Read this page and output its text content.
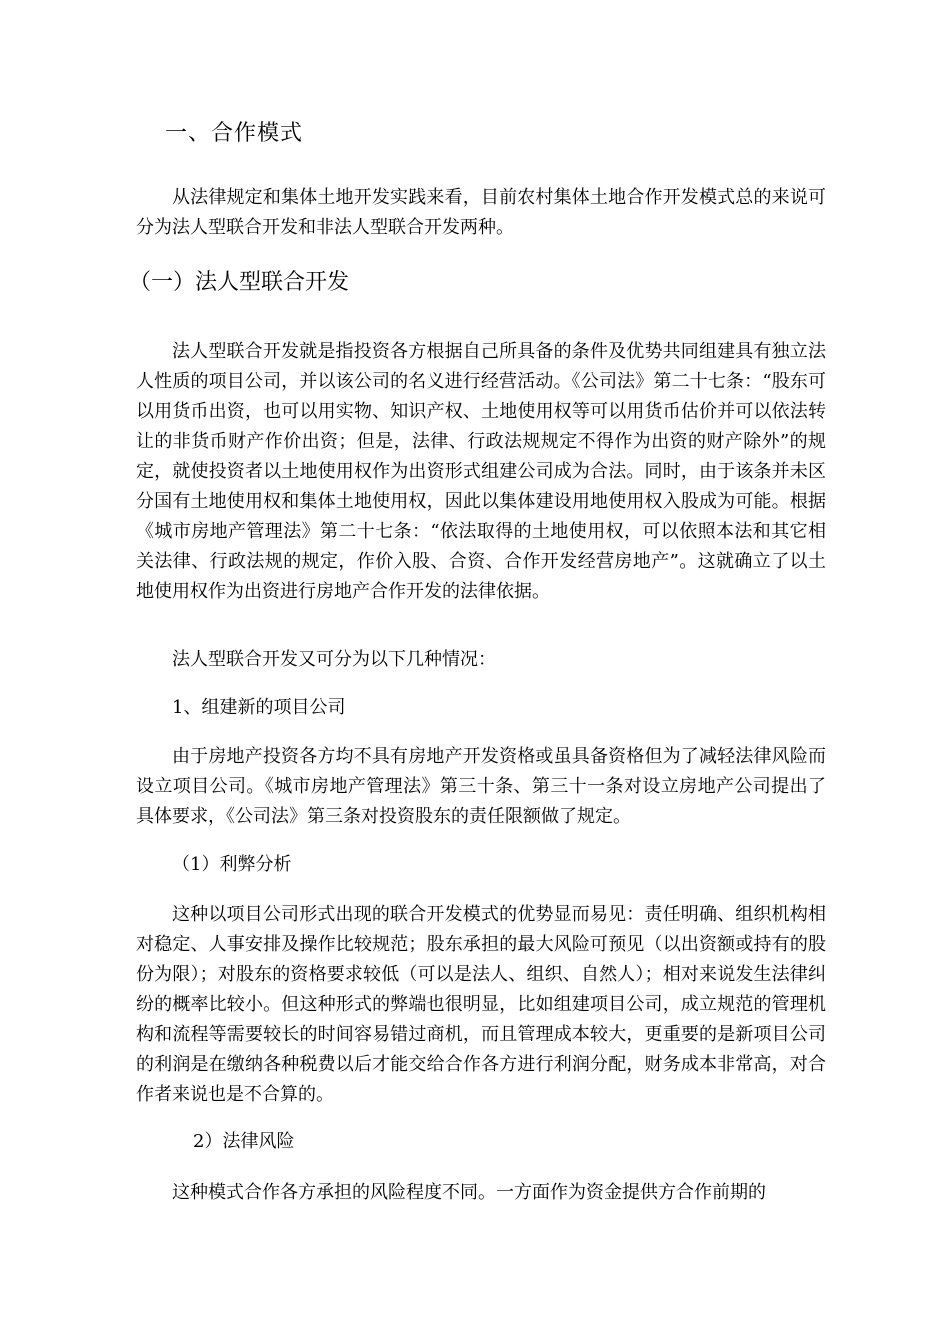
一、合作模式

从法律规定和集体土地开发实践来看，目前农村集体土地合作开发模式总的来说可分为法人型联合开发和非法人型联合开发两种。

（一）法人型联合开发

法人型联合开发就是指投资各方根据自己所具备的条件及优势共同组建具有独立法人性质的项目公司，并以该公司的名义进行经营活动。《公司法》第二十七条：“股东可以用货币出资，也可以用实物、知识产权、土地使用权等可以用货币估价并可以依法转让的非货币财产作价出资；但是，法律、行政法规规定不得作为出资的财产除外”的规定，就使投资者以土地使用权作为出资形式组建公司成为合法。同时，由于该条并未区分国有土地使用权和集体土地使用权，因此以集体建设用地使用权入股成为可能。根据《城市房地产管理法》第二十七条：“依法取得的土地使用权，可以依照本法和其它相关法律、行政法规的规定，作价入股、合资、合作开发经营房地产”。这就确立了以土地使用权作为出资进行房地产合作开发的法律依据。

法人型联合开发又可分为以下几种情况：
1、组建新的项目公司

由于房地产投资各方均不具有房地产开发资格或虽具备资格但为了减轻法律风险而设立项目公司。《城市房地产管理法》第三十条、第三十一条对设立房地产公司提出了具体要求，《公司法》第三条对投资股东的责任限额做了规定。

（1）利弊分析

这种以项目公司形式出现的联合开发模式的优势显而易见：责任明确、组织机构相对稳定、人事安排及操作比较规范；股东承担的最大风险可预见（以出资额或持有的股份为限）；对股东的资格要求较低（可以是法人、组织、自然人）；相对来说发生法律纠纷的概率比较小。但这种形式的弊端也很明显，比如组建项目公司，成立规范的管理机构和流程等需要较长的时间容易错过商机，而且管理成本较大，更重要的是新项目公司的利润是在缴纳各种税费以后才能交给合作各方进行利润分配，财务成本非常高，对合作者来说也是不合算的。

2）法律风险

这种模式合作各方承担的风险程度不同。一方面作为资金提供方合作前期的
